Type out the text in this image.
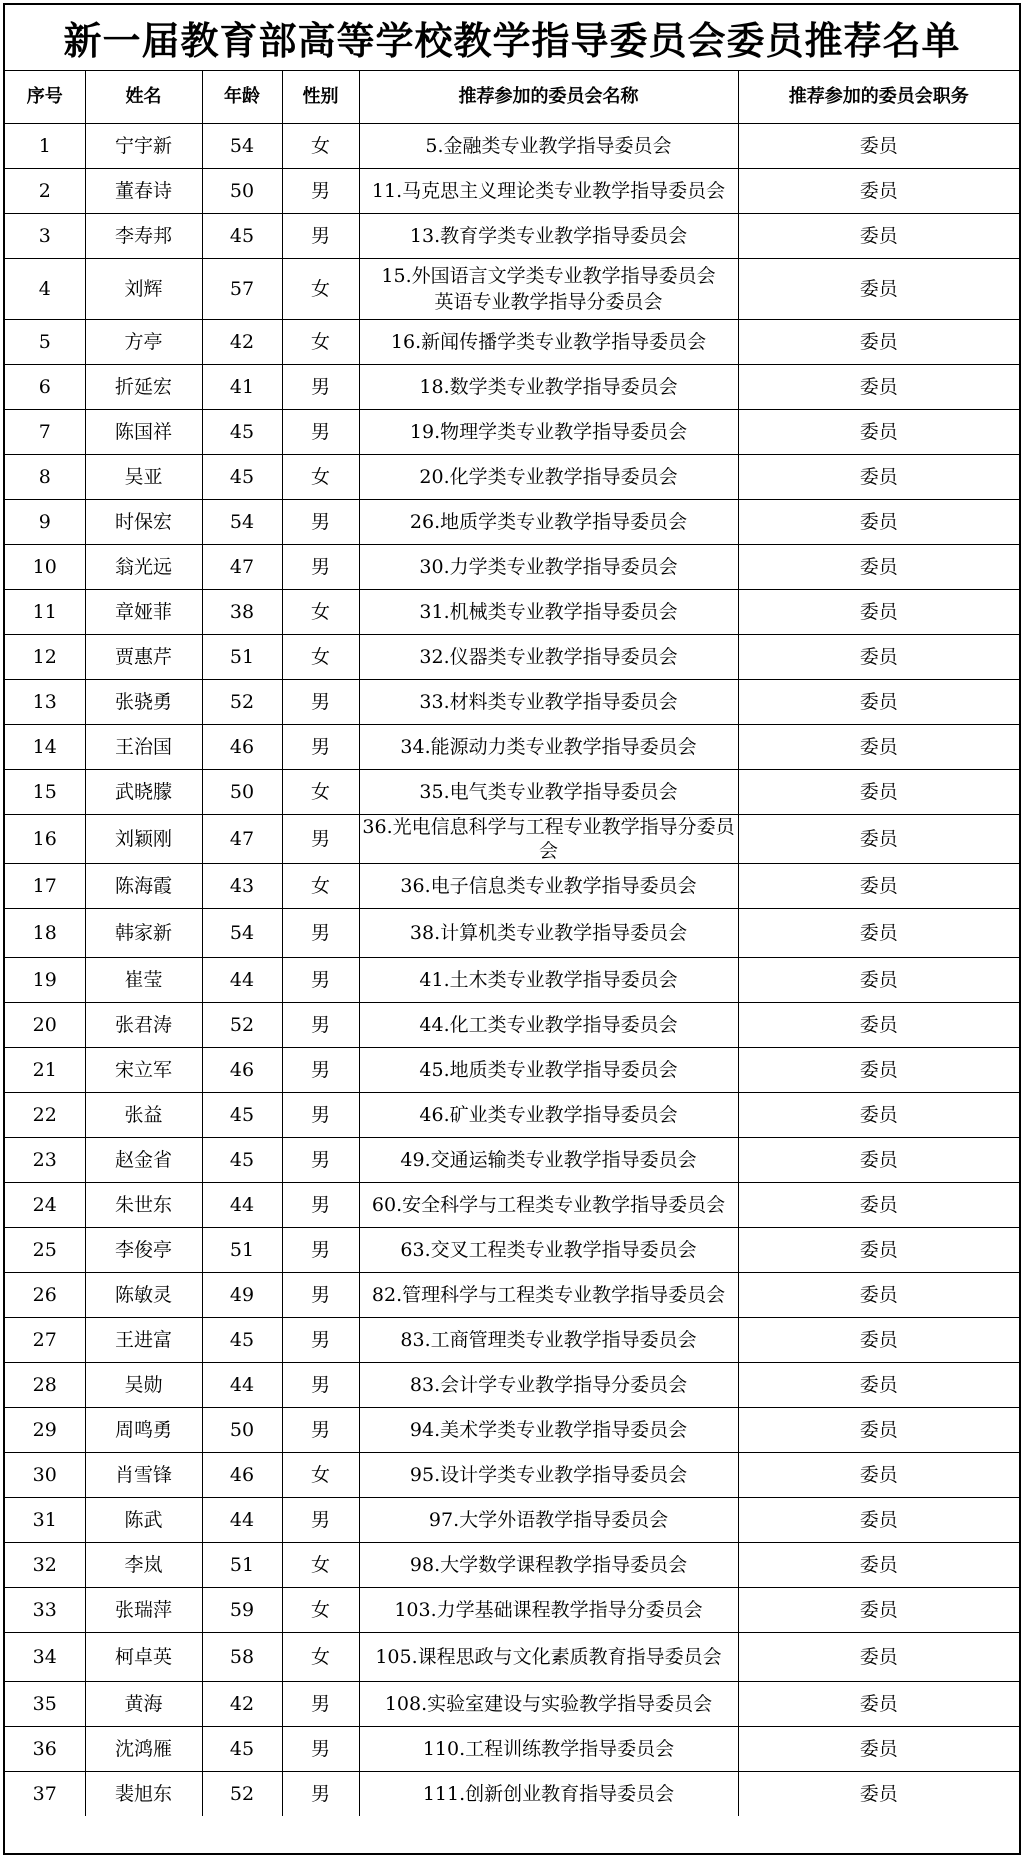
新一届教育部高等学校教学指导委员会委员推荐名单
序号	姓名	年龄	性别	推荐参加的委员会名称	推荐参加的委员会职务
1	宁宇新	54	女	5.金融类专业教学指导委员会	委员
2	董春诗	50	男	11.马克思主义理论类专业教学指导委员会	委员
3	李寿邦	45	男	13.教育学类专业教学指导委员会	委员
4	刘辉	57	女	15.外国语言文学类专业教学指导委员会
英语专业教学指导分委员会	委员
5	方亭	42	女	16.新闻传播学类专业教学指导委员会	委员
6	折延宏	41	男	18.数学类专业教学指导委员会	委员
7	陈国祥	45	男	19.物理学类专业教学指导委员会	委员
8	吴亚	45	女	20.化学类专业教学指导委员会	委员
9	时保宏	54	男	26.地质学类专业教学指导委员会	委员
10	翁光远	47	男	30.力学类专业教学指导委员会	委员
11	章娅菲	38	女	31.机械类专业教学指导委员会	委员
12	贾惠芹	51	女	32.仪器类专业教学指导委员会	委员
13	张骁勇	52	男	33.材料类专业教学指导委员会	委员
14	王治国	46	男	34.能源动力类专业教学指导委员会	委员
15	武晓朦	50	女	35.电气类专业教学指导委员会	委员
16	刘颖刚	47	男	36.光电信息科学与工程专业教学指导分委员会	委员
17	陈海霞	43	女	36.电子信息类专业教学指导委员会	委员
18	韩家新	54	男	38.计算机类专业教学指导委员会	委员
19	崔莹	44	男	41.土木类专业教学指导委员会	委员
20	张君涛	52	男	44.化工类专业教学指导委员会	委员
21	宋立军	46	男	45.地质类专业教学指导委员会	委员
22	张益	45	男	46.矿业类专业教学指导委员会	委员
23	赵金省	45	男	49.交通运输类专业教学指导委员会	委员
24	朱世东	44	男	60.安全科学与工程类专业教学指导委员会	委员
25	李俊亭	51	男	63.交叉工程类专业教学指导委员会	委员
26	陈敏灵	49	男	82.管理科学与工程类专业教学指导委员会	委员
27	王进富	45	男	83.工商管理类专业教学指导委员会	委员
28	吴勋	44	男	83.会计学专业教学指导分委员会	委员
29	周鸣勇	50	男	94.美术学类专业教学指导委员会	委员
30	肖雪锋	46	女	95.设计学类专业教学指导委员会	委员
31	陈武	44	男	97.大学外语教学指导委员会	委员
32	李岚	51	女	98.大学数学课程教学指导委员会	委员
33	张瑞萍	59	女	103.力学基础课程教学指导分委员会	委员
34	柯卓英	58	女	105.课程思政与文化素质教育指导委员会	委员
35	黄海	42	男	108.实验室建设与实验教学指导委员会	委员
36	沈鸿雁	45	男	110.工程训练教学指导委员会	委员
37	裴旭东	52	男	111.创新创业教育指导委员会	委员
